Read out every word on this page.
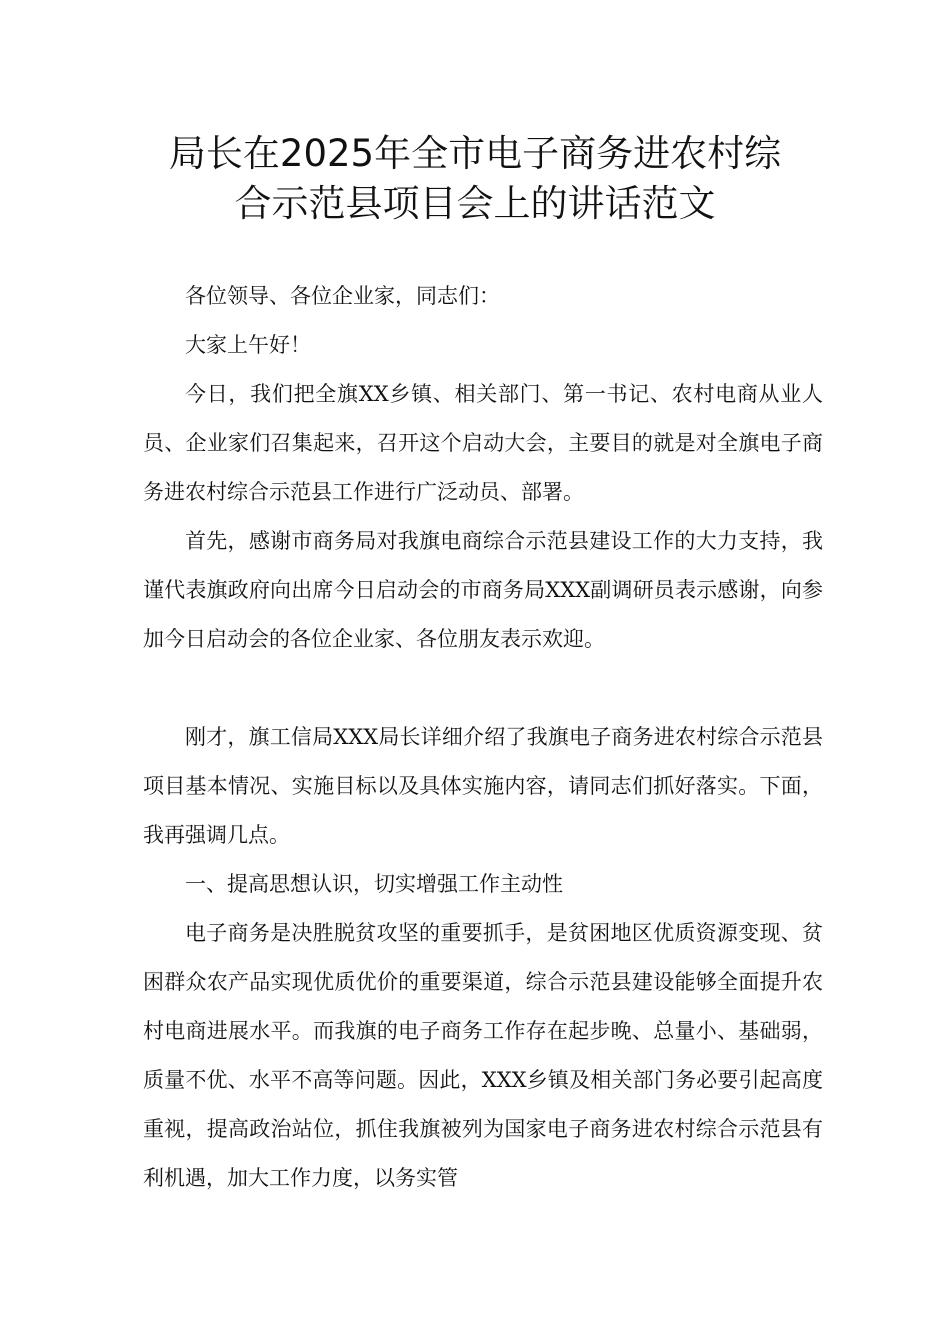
局长在2025年全市电子商务进农村综
合示范县项目会上的讲话范文

各位领导、各位企业家，同志们：

大家上午好！

今日，我们把全旗XX乡镇、相关部门、第一书记、农村电商从业人员、企业家们召集起来，召开这个启动大会，主要目的就是对全旗电子商务进农村综合示范县工作进行广泛动员、部署。

首先，感谢市商务局对我旗电商综合示范县建设工作的大力支持，我谨代表旗政府向出席今日启动会的市商务局XXX副调研员表示感谢，向参加今日启动会的各位企业家、各位朋友表示欢迎。

刚才，旗工信局XXX局长详细介绍了我旗电子商务进农村综合示范县项目基本情况、实施目标以及具体实施内容，请同志们抓好落实。下面，我再强调几点。

一、提高思想认识，切实增强工作主动性

电子商务是决胜脱贫攻坚的重要抓手，是贫困地区优质资源变现、贫困群众农产品实现优质优价的重要渠道，综合示范县建设能够全面提升农村电商进展水平。而我旗的电子商务工作存在起步晚、总量小、基础弱，质量不优、水平不高等问题。因此，XXX乡镇及相关部门务必要引起高度重视，提高政治站位，抓住我旗被列为国家电子商务进农村综合示范县有利机遇，加大工作力度，以务实管
